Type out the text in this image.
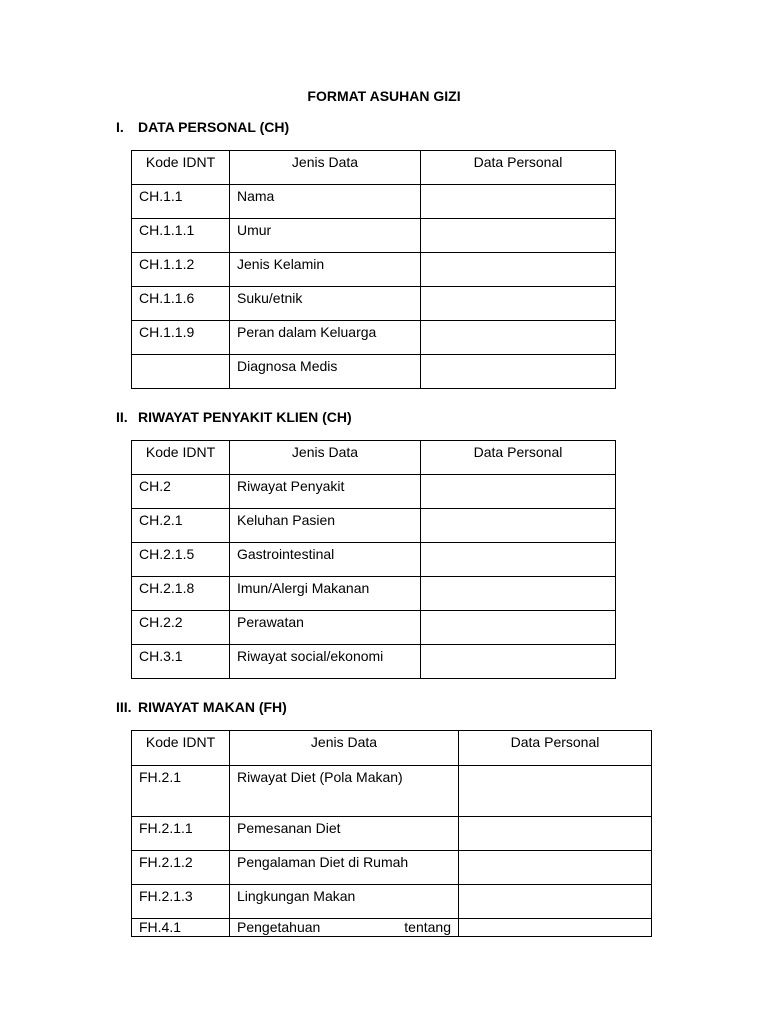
FORMAT ASUHAN GIZI
I. DATA PERSONAL (CH)
Kode IDNT	Jenis Data	Data Personal
CH.1.1	Nama	
CH.1.1.1	Umur	
CH.1.1.2	Jenis Kelamin	
CH.1.1.6	Suku/etnik	
CH.1.1.9	Peran dalam Keluarga	
	Diagnosa Medis	
II. RIWAYAT PENYAKIT KLIEN (CH)
Kode IDNT	Jenis Data	Data Personal
CH.2	Riwayat Penyakit	
CH.2.1	Keluhan Pasien	
CH.2.1.5	Gastrointestinal	
CH.2.1.8	Imun/Alergi Makanan	
CH.2.2	Perawatan	
CH.3.1	Riwayat social/ekonomi	
III. RIWAYAT MAKAN (FH)
Kode IDNT	Jenis Data	Data Personal
FH.2.1	Riwayat Diet (Pola Makan)	
FH.2.1.1	Pemesanan Diet	
FH.2.1.2	Pengalaman Diet di Rumah	
FH.2.1.3	Lingkungan Makan	
FH.4.1	Pengetahuan tentang	
